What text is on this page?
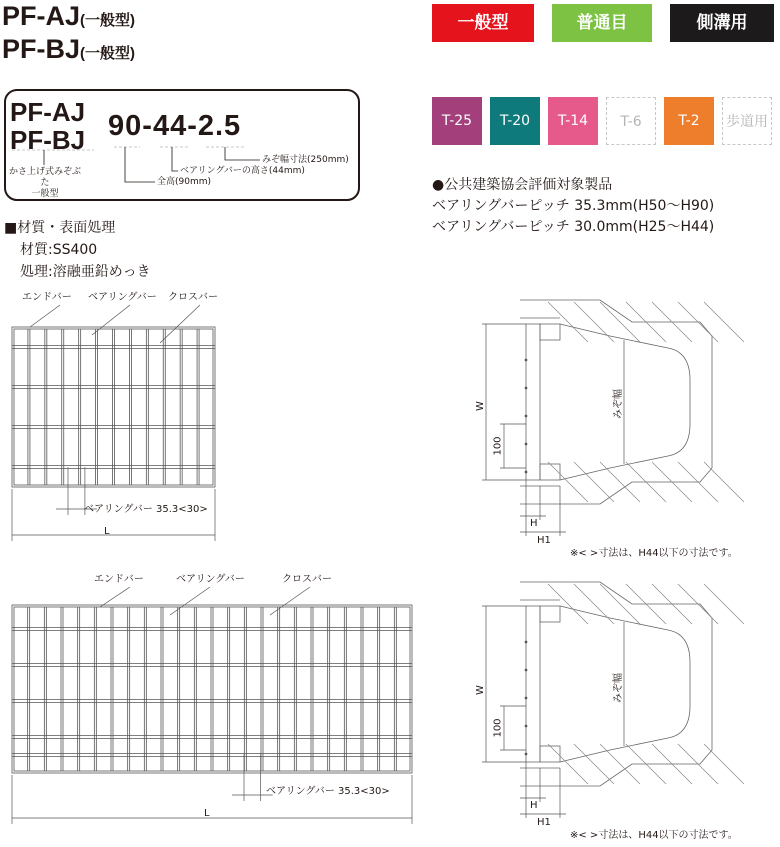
PF-AJ(一般型)
PF-BJ(一般型)
一般型	普通目	側溝用
T-25	T-20	T-14	T-6	T-2	歩道用
PF-AJ
PF-BJ 90-44-2.5
みぞ幅寸法(250mm)
ベアリングバーの高さ(44mm)
全高(90mm)
かさ上げ式みぞぶた
一般型
●公共建築協会評価対象製品
ベアリングバーピッチ 35.3mm(H50〜H90)
ベアリングバーピッチ 30.0mm(H25〜H44)
■材質・表面処理
材質:SS400
処理:溶融亜鉛めっき
エンドバー ベアリングバー クロスバー
ベアリングバー 35.3<30>
L
エンドバー	ベアリングバー	クロスバー
ベアリングバー 35.3<30>
L
W
100
みぞ幅
H
H1
※< >寸法は、H44以下の寸法です。
W
100
みぞ幅
H
H1
※< >寸法は、H44以下の寸法です。
